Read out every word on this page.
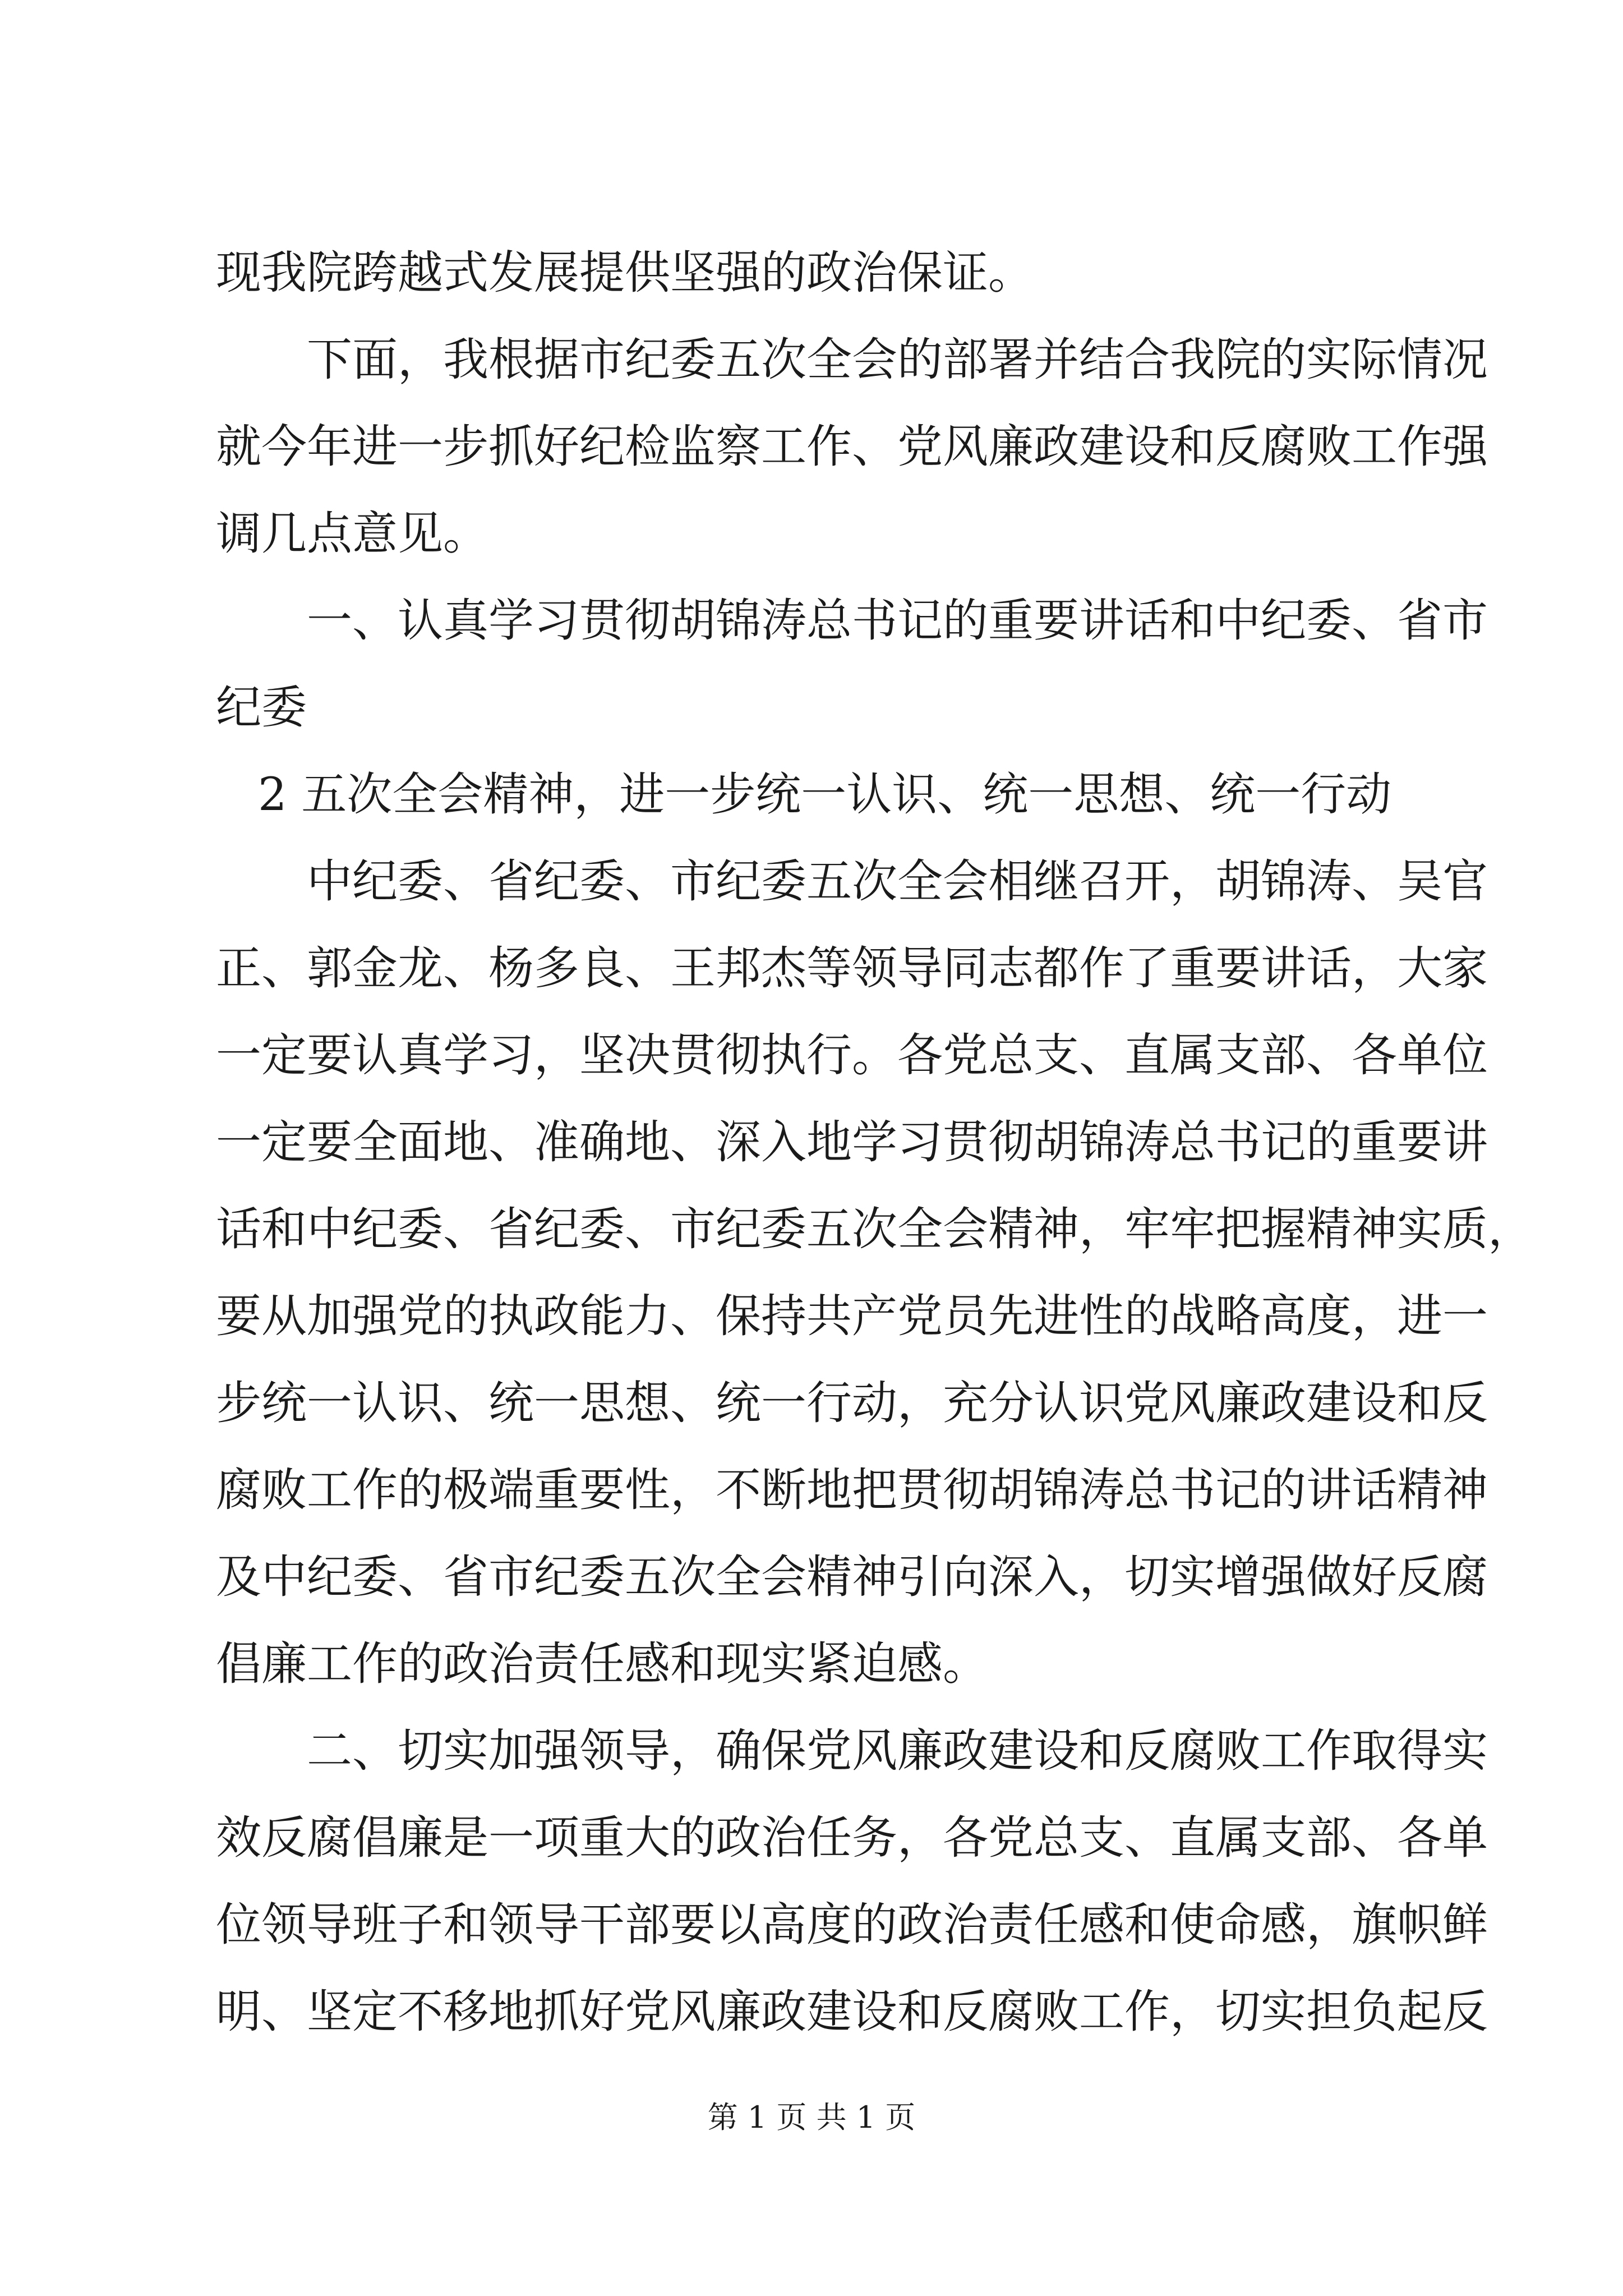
现我院跨越式发展提供坚强的政治保证。
下面，我根据市纪委五次全会的部署并结合我院的实际情况
就今年进一步抓好纪检监察工作、党风廉政建设和反腐败工作强
调几点意见。
一、认真学习贯彻胡锦涛总书记的重要讲话和中纪委、省市
纪委
2 五次全会精神，进一步统一认识、统一思想、统一行动
中纪委、省纪委、市纪委五次全会相继召开，胡锦涛、吴官
正、郭金龙、杨多良、王邦杰等领导同志都作了重要讲话，大家
一定要认真学习，坚决贯彻执行。各党总支、直属支部、各单位
一定要全面地、准确地、深入地学习贯彻胡锦涛总书记的重要讲
话和中纪委、省纪委、市纪委五次全会精神，牢牢把握精神实质，
要从加强党的执政能力、保持共产党员先进性的战略高度，进一
步统一认识、统一思想、统一行动，充分认识党风廉政建设和反
腐败工作的极端重要性，不断地把贯彻胡锦涛总书记的讲话精神
及中纪委、省市纪委五次全会精神引向深入，切实增强做好反腐
倡廉工作的政治责任感和现实紧迫感。
二、切实加强领导，确保党风廉政建设和反腐败工作取得实
效反腐倡廉是一项重大的政治任务，各党总支、直属支部、各单
位领导班子和领导干部要以高度的政治责任感和使命感，旗帜鲜
明、坚定不移地抓好党风廉政建设和反腐败工作，切实担负起反
第 1 页 共 1 页
